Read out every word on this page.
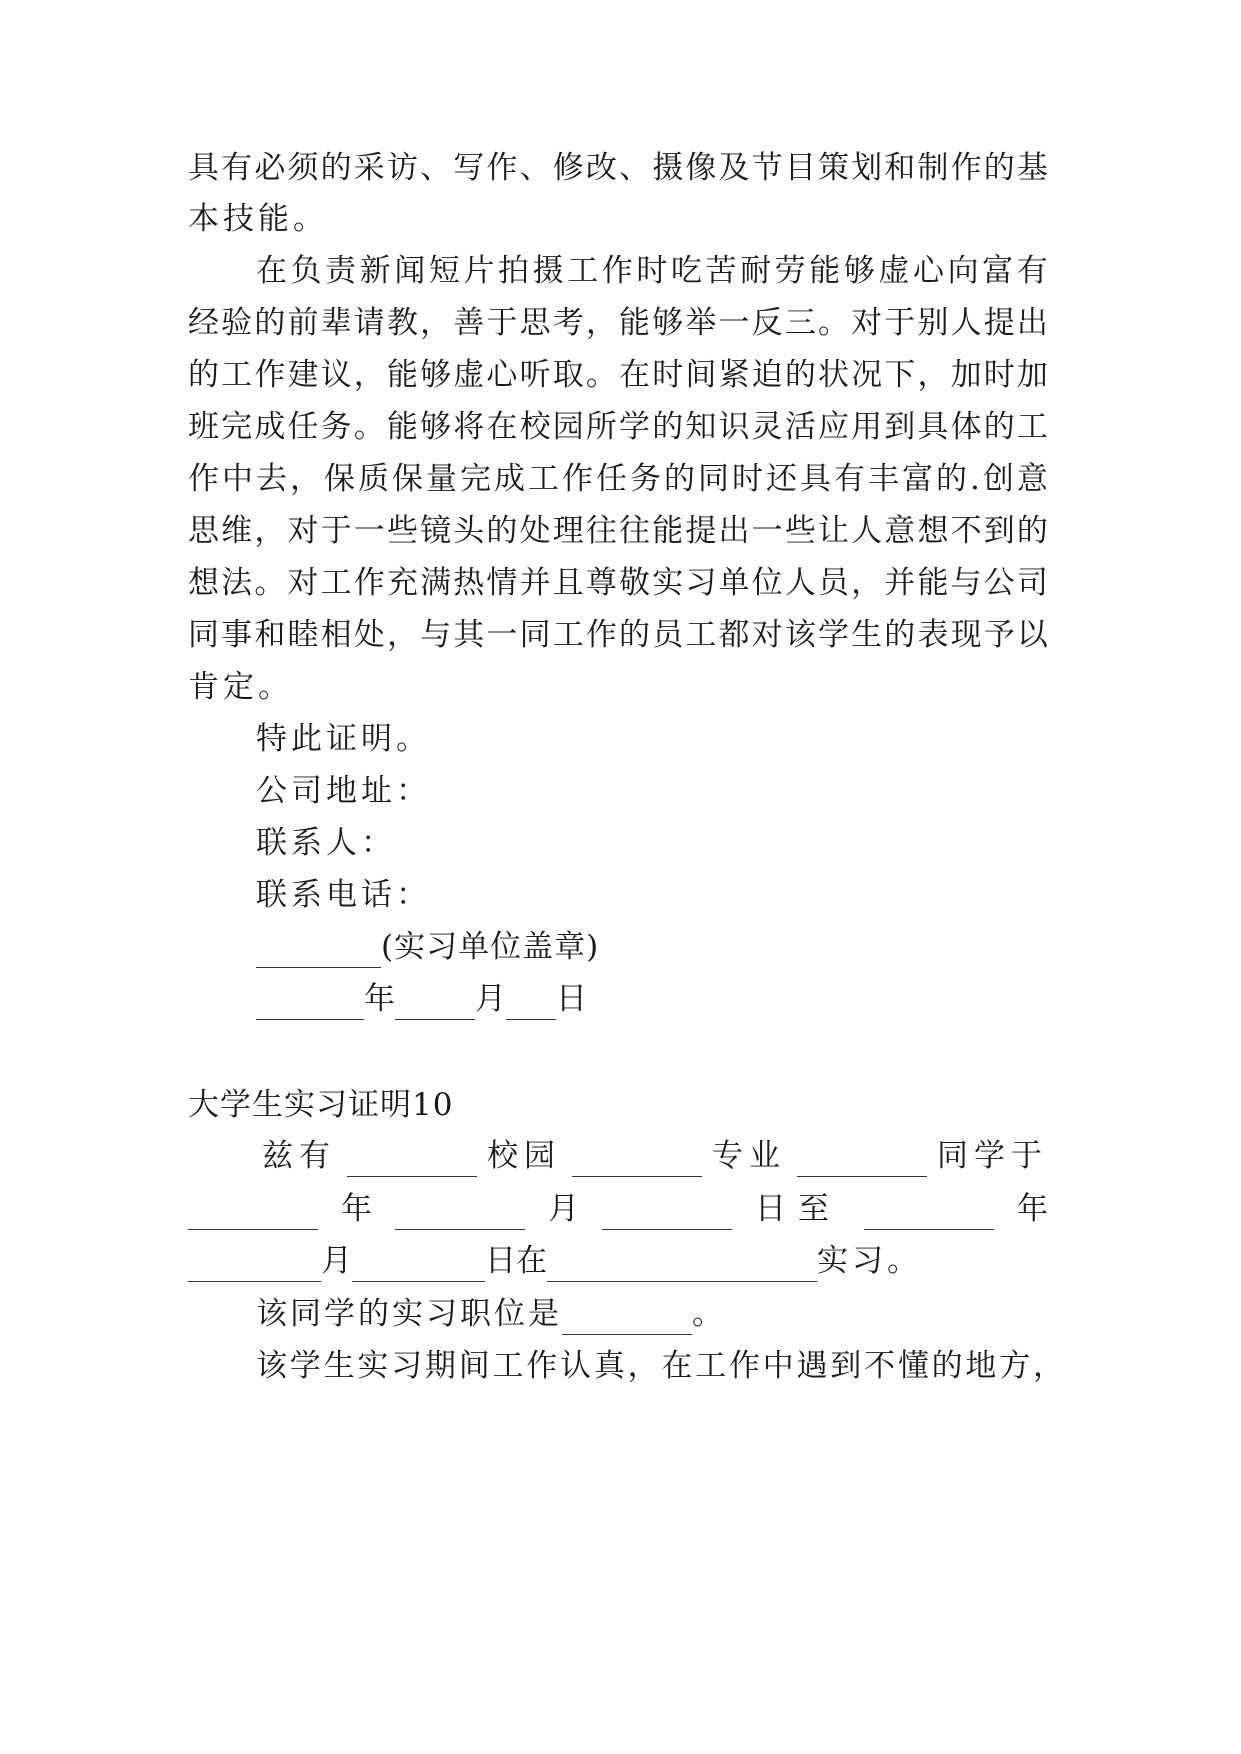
具 有 必 须 的 采 访 、 写 作 、 修 改 、 摄 像 及 节 目 策 划 和 制 作 的 基
本技能。
在 负 责 新 闻 短 片 拍 摄 工 作 时 吃 苦 耐 劳 能 够 虚 心 向 富 有
经 验 的 前 辈 请 教 ， 善 于 思 考 ， 能 够 举 一 反 三 。 对 于 别 人 提 出
的 工 作 建 议 ， 能 够 虚 心 听 取 。 在 时 间 紧 迫 的 状 况 下 ， 加 时 加
班 完 成 任 务 。 能 够 将 在 校 园 所 学 的 知 识 灵 活 应 用 到 具 体 的 工
作 中 去 ， 保 质 保 量 完 成 工 作 任 务 的 同 时 还 具 有 丰 富 的 . 创 意
思 维 ， 对 于 一 些 镜 头 的 处 理 往 往 能 提 出 一 些 让 人 意 想 不 到 的
想 法 。 对 工 作 充 满 热 情 并 且 尊 敬 实 习 单 位 人 员 ， 并 能 与 公 司
同 事 和 睦 相 处 ， 与 其 一 同 工 作 的 员 工 都 对 该 学 生 的 表 现 予 以
肯定。
特此证明。
公司地址：
联系人：
联系电话：
(实习单位盖章)
年	月 日
大学生实习证明10
兹有	校园	专业	同学于
年	月	日至	年
月	日在	实习。
该同学的实习职位是	。
该 学 生 实 习 期 间 工 作 认 真 ， 在 工 作 中 遇 到 不 懂 的 地 方 ，
